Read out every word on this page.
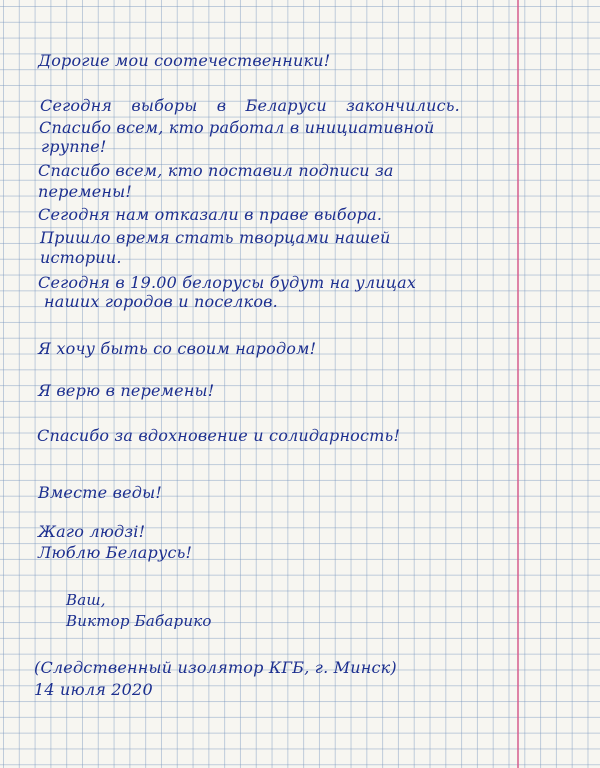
Дорогие мои соотечественники!
Сегодня выборы в Беларуси закончились.
Спасибо всем, кто работал в инициативной
группе!
Спасибо всем, кто поставил подписи за
перемены!
Сегодня нам отказали в праве выбора.
Пришло время стать творцами нашей
истории.
Сегодня в 19.00 белорусы будут на улицах
наших городов и поселков.
Я хочу быть со своим народом!
Я верю в перемены!
Спасибо за вдохновение и солидарность!
Вместе веды!
Жаго людзі!
Люблю Беларусь!
Ваш,
Виктор Бабарико
(Следственный изолятор КГБ, г. Минск)
14 июля 2020
